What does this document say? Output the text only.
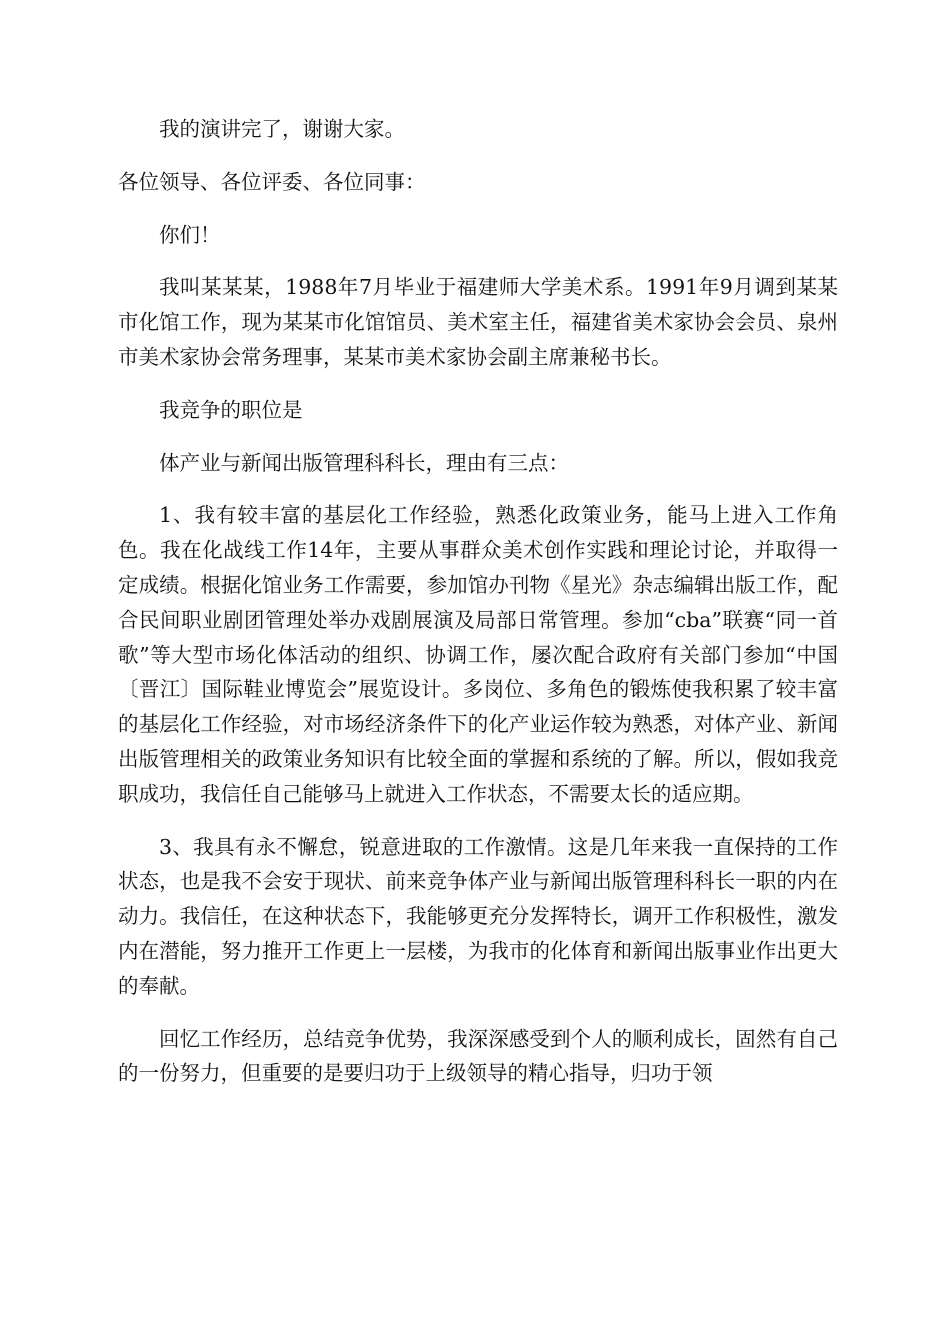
我的演讲完了，谢谢大家。

各位领导、各位评委、各位同事：

你们！

我叫某某某，1988年7月毕业于福建师大学美术系。1991年9月调到某某市化馆工作，现为某某市化馆馆员、美术室主任，福建省美术家协会会员、泉州市美术家协会常务理事，某某市美术家协会副主席兼秘书长。

我竞争的职位是

体产业与新闻出版管理科科长，理由有三点：

1、我有较丰富的基层化工作经验，熟悉化政策业务，能马上进入工作角色。我在化战线工作14年，主要从事群众美术创作实践和理论讨论，并取得一定成绩。根据化馆业务工作需要，参加馆办刊物《星光》杂志编辑出版工作，配合民间职业剧团管理处举办戏剧展演及局部日常管理。参加“cba”联赛“同一首歌”等大型市场化体活动的组织、协调工作，屡次配合政府有关部门参加“中国〔晋江〕国际鞋业博览会”展览设计。多岗位、多角色的锻炼使我积累了较丰富的基层化工作经验，对市场经济条件下的化产业运作较为熟悉，对体产业、新闻出版管理相关的政策业务知识有比较全面的掌握和系统的了解。所以，假如我竞职成功，我信任自己能够马上就进入工作状态，不需要太长的适应期。

3、我具有永不懈怠，锐意进取的工作激情。这是几年来我一直保持的工作状态，也是我不会安于现状、前来竞争体产业与新闻出版管理科科长一职的内在动力。我信任，在这种状态下，我能够更充分发挥特长，调开工作积极性，激发内在潜能，努力推开工作更上一层楼，为我市的化体育和新闻出版事业作出更大的奉献。

回忆工作经历，总结竞争优势，我深深感受到个人的顺利成长，固然有自己的一份努力，但重要的是要归功于上级领导的精心指导，归功于领
